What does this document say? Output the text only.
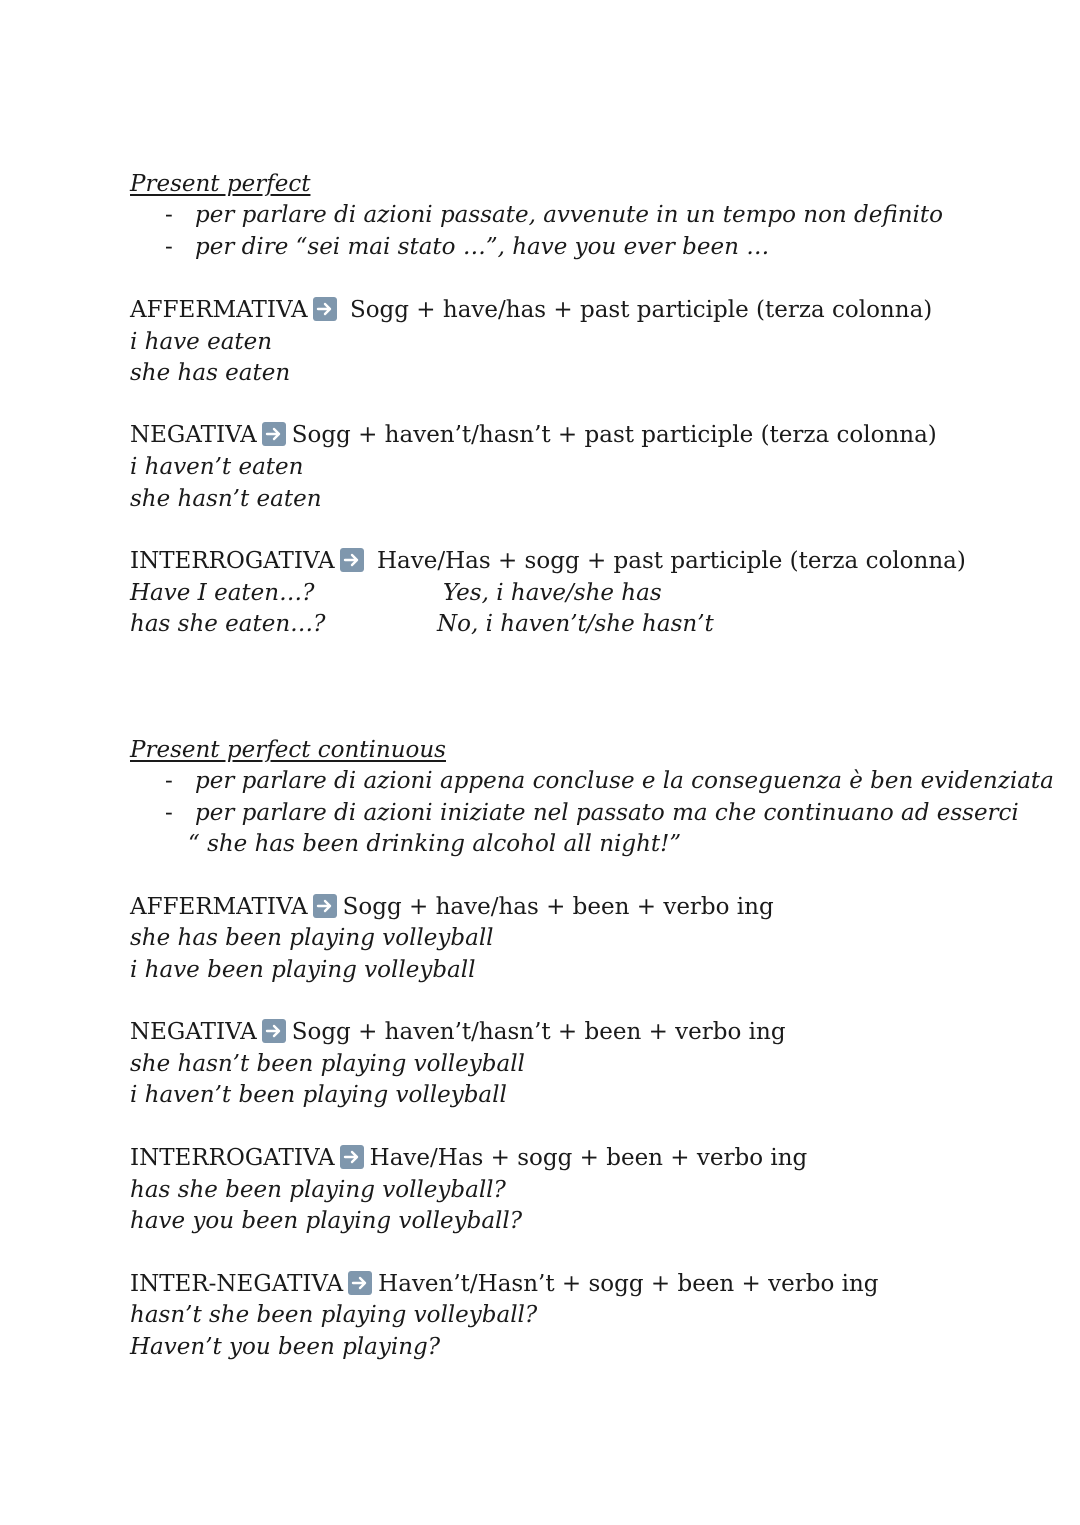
Present perfect
- per parlare di azioni passate, avvenute in un tempo non definito
- per dire “sei mai stato …”, have you ever been …
AFFERMATIVA Sogg + have/has + past participle (terza colonna)
i have eaten
she has eaten
NEGATIVA Sogg + haven’t/hasn’t + past participle (terza colonna)
i haven’t eaten
she hasn’t eaten
INTERROGATIVA Have/Has + sogg + past participle (terza colonna)
Have I eaten…?	Yes, i have/she has
has she eaten…?	No, i haven’t/she hasn’t
Present perfect continuous
- per parlare di azioni appena concluse e la conseguenza è ben evidenziata
- per parlare di azioni iniziate nel passato ma che continuano ad esserci
“ she has been drinking alcohol all night!”
AFFERMATIVA Sogg + have/has + been + verbo ing
she has been playing volleyball
i have been playing volleyball
NEGATIVA Sogg + haven’t/hasn’t + been + verbo ing
she hasn’t been playing volleyball
i haven’t been playing volleyball
INTERROGATIVA Have/Has + sogg + been + verbo ing
has she been playing volleyball?
have you been playing volleyball?
INTER-NEGATIVA Haven’t/Hasn’t + sogg + been + verbo ing
hasn’t she been playing volleyball?
Haven’t you been playing?
